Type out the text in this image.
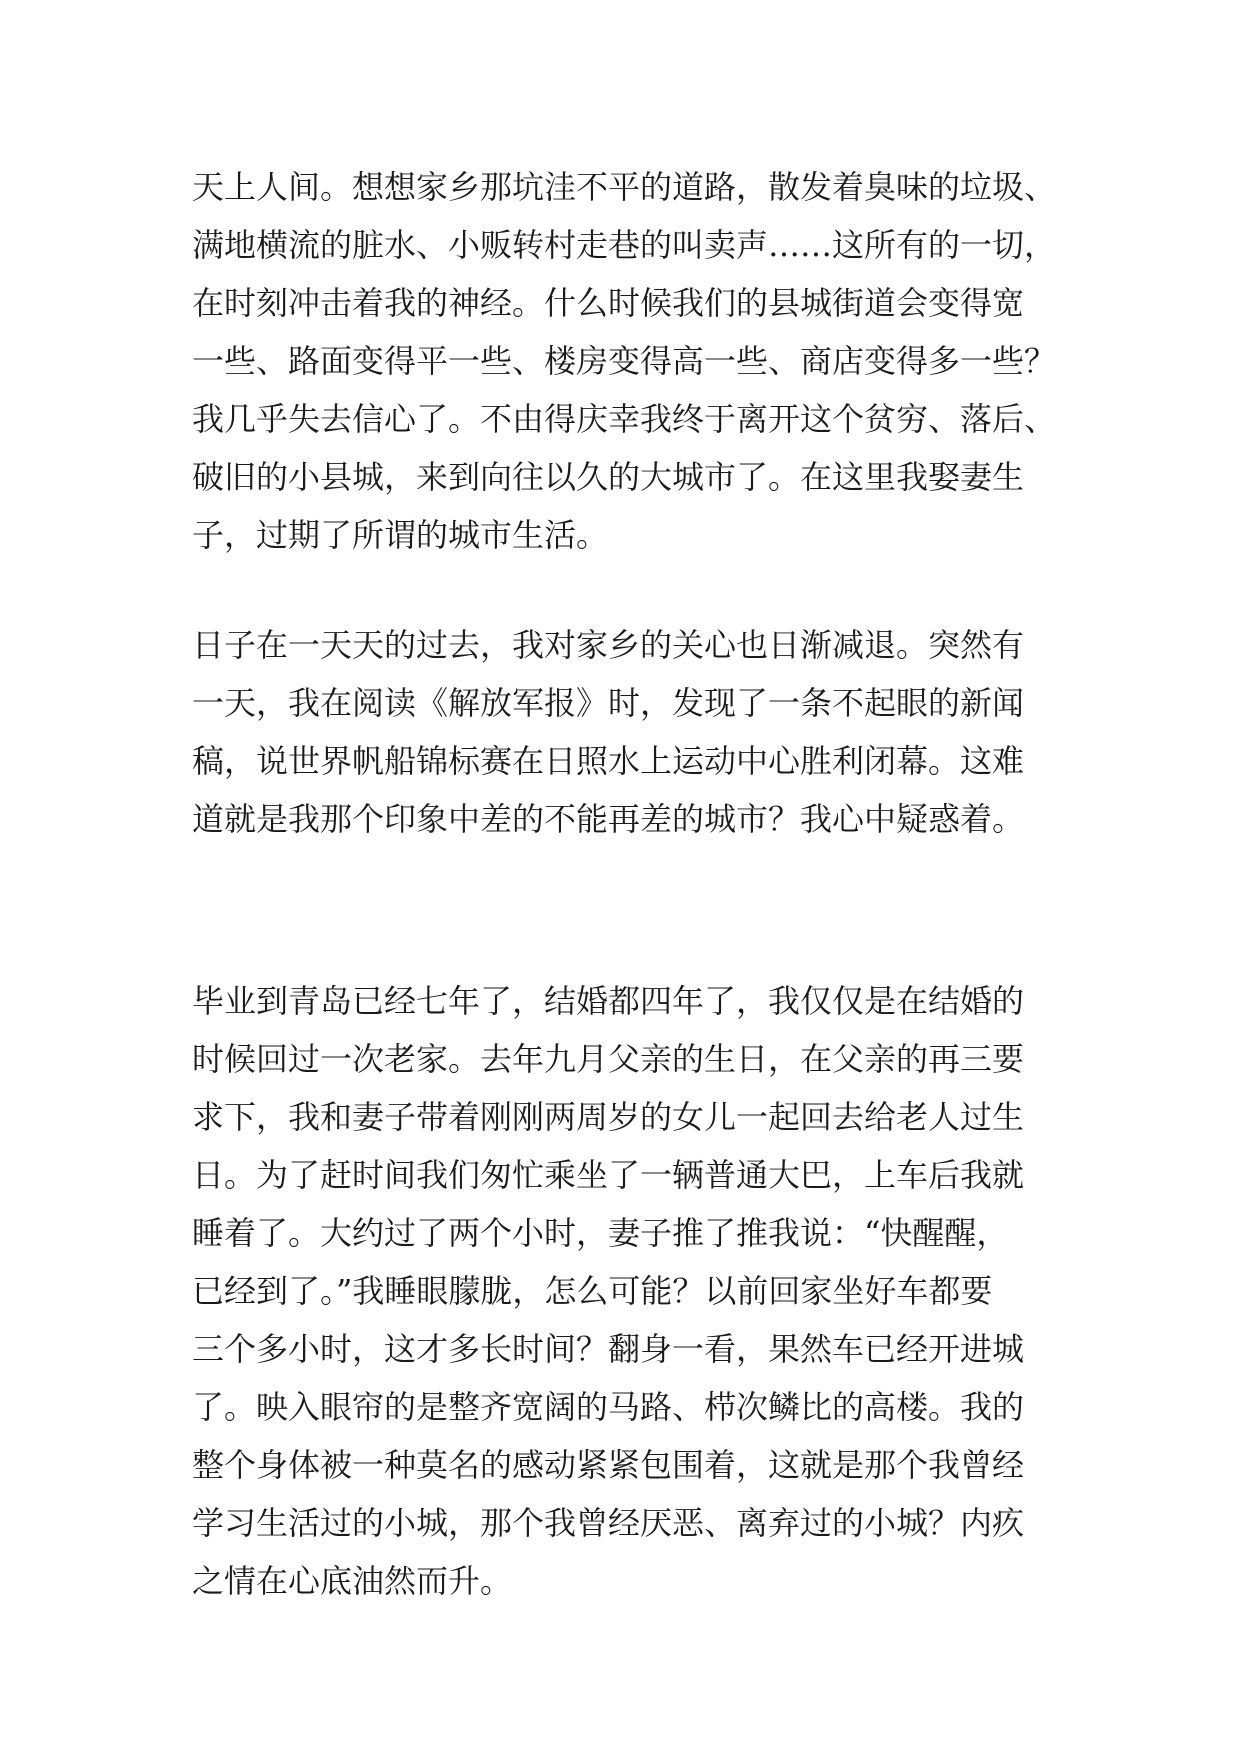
天上人间。想想家乡那坑洼不平的道路，散发着臭味的垃圾、
满地横流的脏水、小贩转村走巷的叫卖声……这所有的一切，
在时刻冲击着我的神经。什么时候我们的县城街道会变得宽
一些、路面变得平一些、楼房变得高一些、商店变得多一些？
我几乎失去信心了。不由得庆幸我终于离开这个贫穷、落后、
破旧的小县城，来到向往以久的大城市了。在这里我娶妻生
子，过期了所谓的城市生活。
日子在一天天的过去，我对家乡的关心也日渐减退。突然有
一天，我在阅读《解放军报》时，发现了一条不起眼的新闻
稿，说世界帆船锦标赛在日照水上运动中心胜利闭幕。这难
道就是我那个印象中差的不能再差的城市？我心中疑惑着。
毕业到青岛已经七年了，结婚都四年了，我仅仅是在结婚的
时候回过一次老家。去年九月父亲的生日，在父亲的再三要
求下，我和妻子带着刚刚两周岁的女儿一起回去给老人过生
日。为了赶时间我们匆忙乘坐了一辆普通大巴，上车后我就
睡着了。大约过了两个小时，妻子推了推我说：“快醒醒，
已经到了。”我睡眼朦胧，怎么可能？以前回家坐好车都要
三个多小时，这才多长时间？翻身一看，果然车已经开进城
了。映入眼帘的是整齐宽阔的马路、栉次鳞比的高楼。我的
整个身体被一种莫名的感动紧紧包围着，这就是那个我曾经
学习生活过的小城，那个我曾经厌恶、离弃过的小城？内疚
之情在心底油然而升。
